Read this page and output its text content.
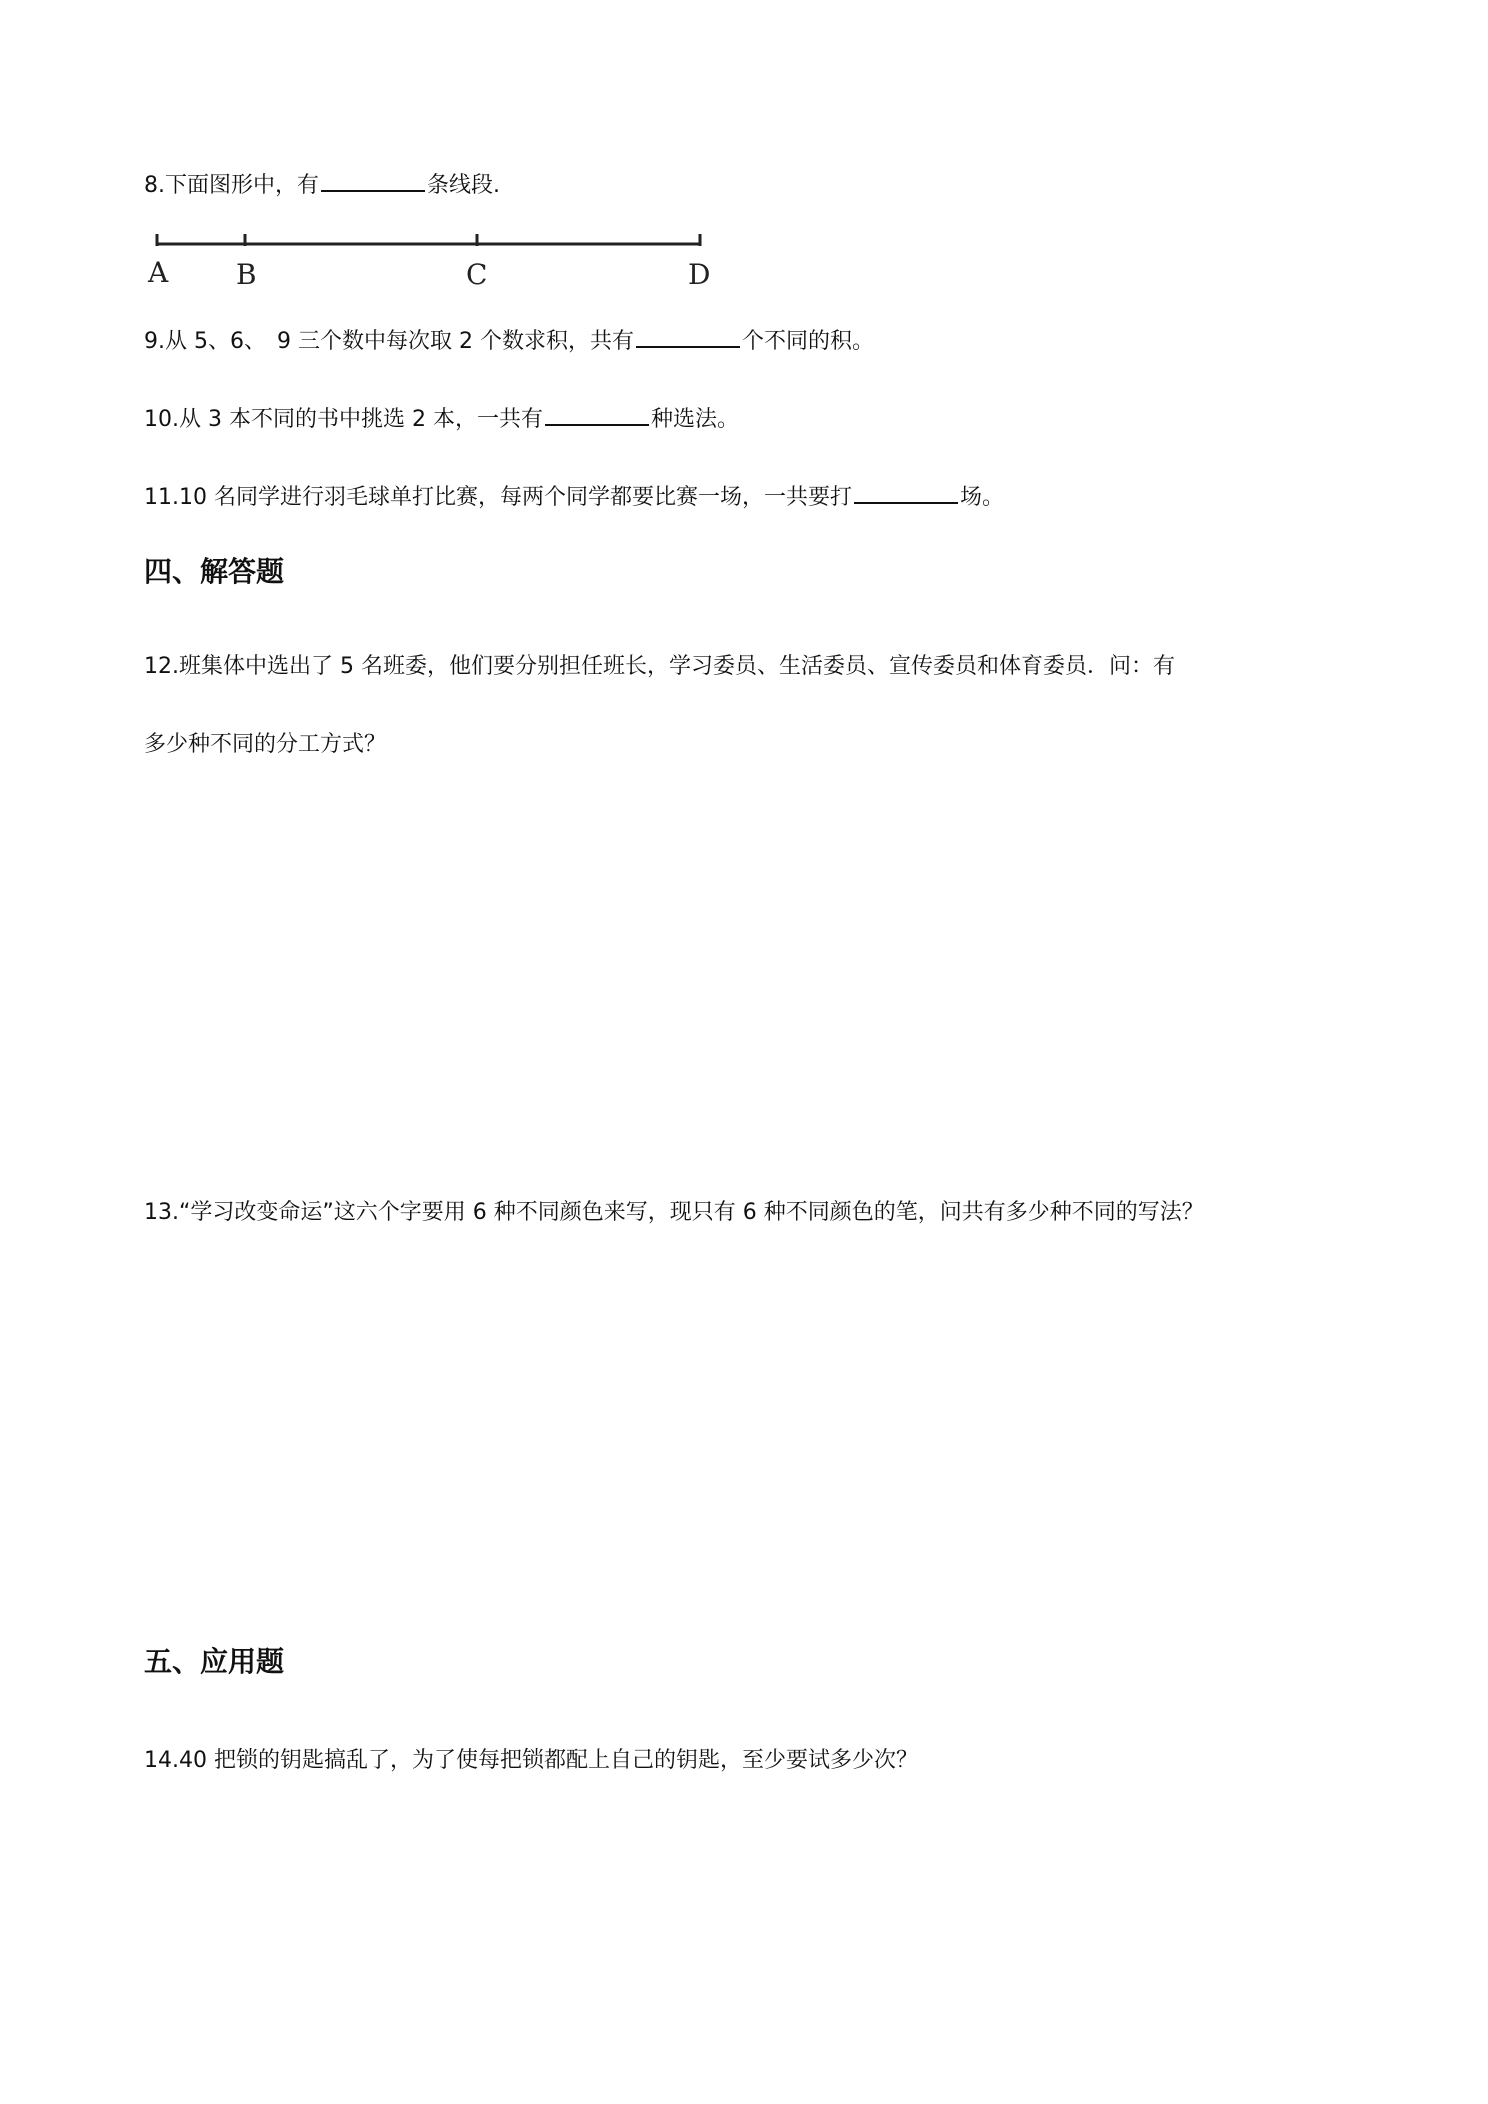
8.下面图形中，有	条线段.
A B	C	D
9.从 5、6、　9 三个数中每次取 2 个数求积，共有	个不同的积。
10.从 3 本不同的书中挑选 2 本，一共有	种选法。
11.10 名同学进行羽毛球单打比赛，每两个同学都要比赛一场，一共要打	场。
四、解答题
12.班集体中选出了 5 名班委，他们要分别担任班长，学习委员、生活委员、宣传委员和体育委员．问：有
多少种不同的分工方式？
13.“学习改变命运”这六个字要用 6 种不同颜色来写，现只有 6 种不同颜色的笔，问共有多少种不同的写法？
五、应用题
14.40 把锁的钥匙搞乱了，为了使每把锁都配上自己的钥匙，至少要试多少次？
